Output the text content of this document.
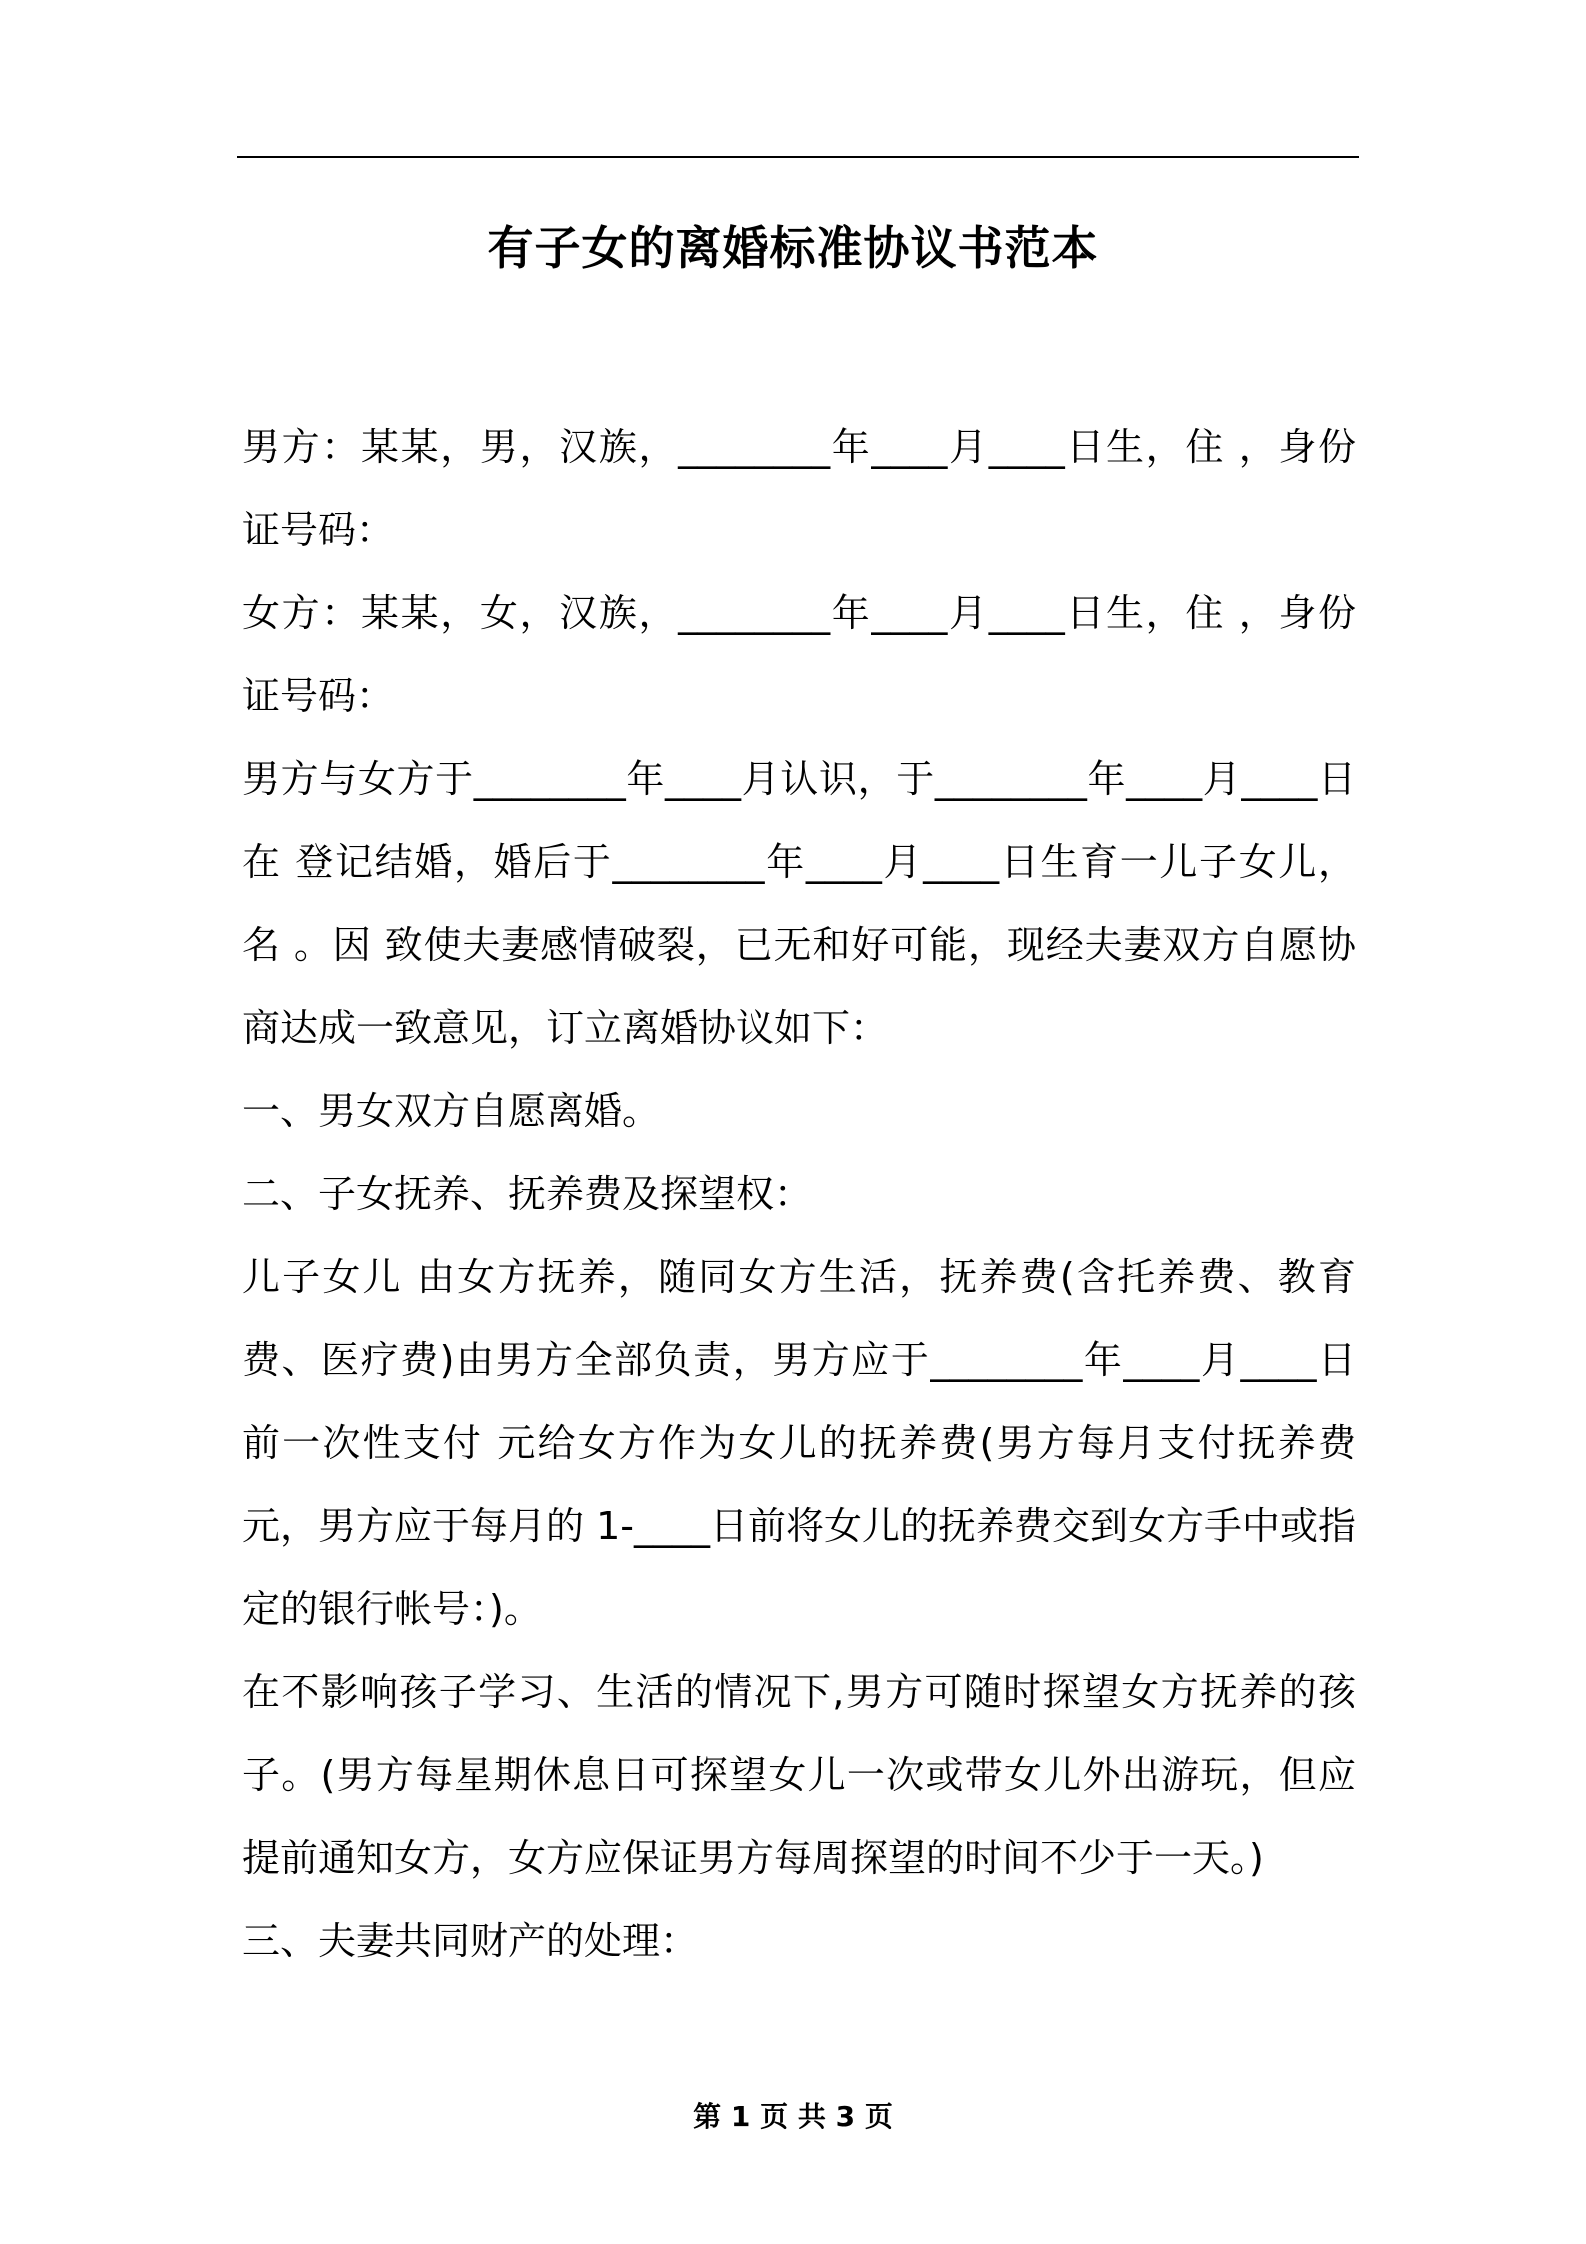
有子女的离婚标准协议书范本

男方：某某，男，汉族，________年____月____日生，住 ，身份证号码：

女方：某某，女，汉族，________年____月____日生，住 ，身份证号码：

男方与女方于________年____月认识，于________年____月____日在 登记结婚，婚后于________年____月____日生育一儿子女儿，名 。因 致使夫妻感情破裂，已无和好可能，现经夫妻双方自愿协商达成一致意见，订立离婚协议如下：

一、男女双方自愿离婚。

二、子女抚养、抚养费及探望权：

儿子女儿 由女方抚养，随同女方生活，抚养费(含托养费、教育费、医疗费)由男方全部负责，男方应于________年____月____日前一次性支付 元给女方作为女儿的抚养费(男方每月支付抚养费 元，男方应于每月的 1-____日前将女儿的抚养费交到女方手中或指定的银行帐号：)。

在不影响孩子学习、生活的情况下,男方可随时探望女方抚养的孩子。(男方每星期休息日可探望女儿一次或带女儿外出游玩，但应提前通知女方，女方应保证男方每周探望的时间不少于一天。)

三、夫妻共同财产的处理：

第 1 页 共 3 页
